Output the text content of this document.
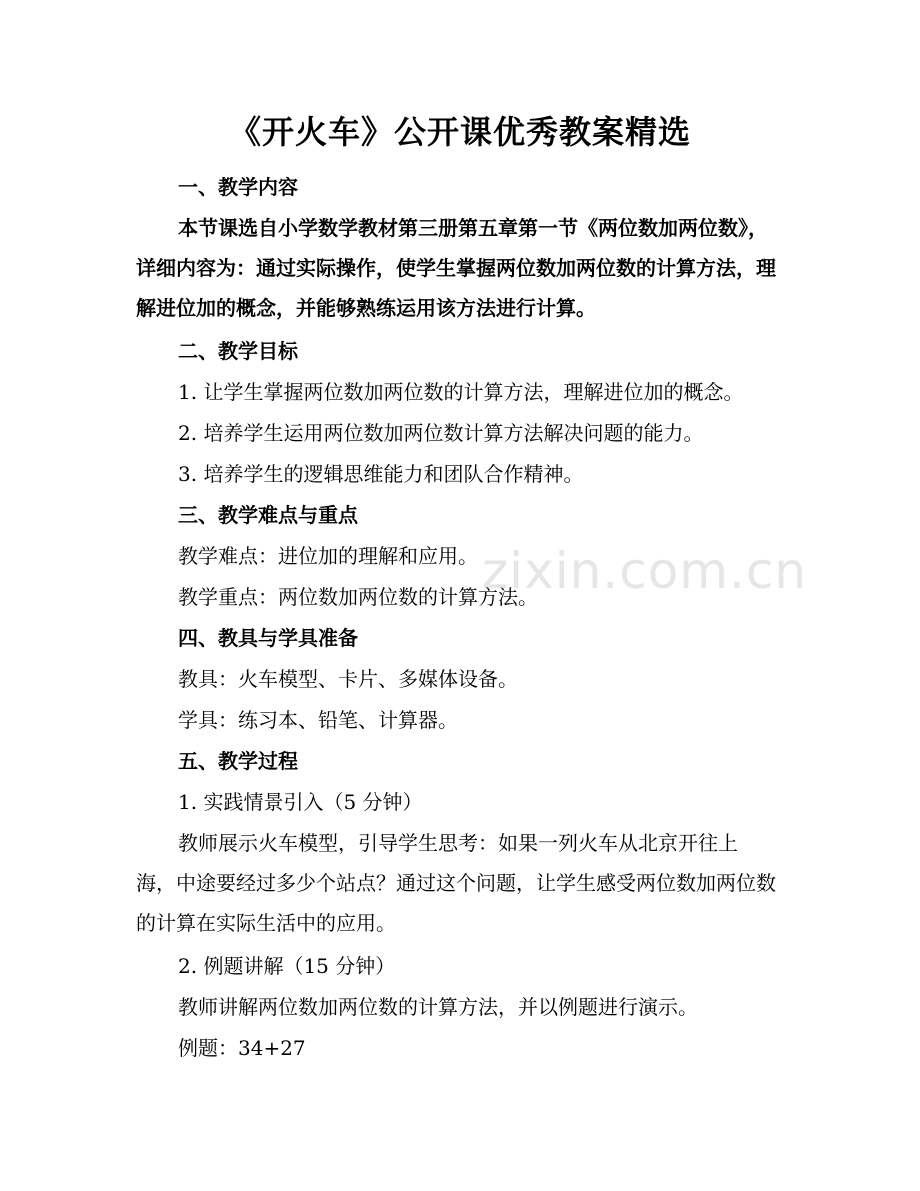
zixin.com.cn
《开火车》公开课优秀教案精选
一、教学内容
本节课选自小学数学教材第三册第五章第一节《两位数加两位数》，详细内容为：通过实际操作，使学生掌握两位数加两位数的计算方法，理解进位加的概念，并能够熟练运用该方法进行计算。
二、教学目标
1. 让学生掌握两位数加两位数的计算方法，理解进位加的概念。
2. 培养学生运用两位数加两位数计算方法解决问题的能力。
3. 培养学生的逻辑思维能力和团队合作精神。
三、教学难点与重点
教学难点：进位加的理解和应用。
教学重点：两位数加两位数的计算方法。
四、教具与学具准备
教具：火车模型、卡片、多媒体设备。
学具：练习本、铅笔、计算器。
五、教学过程
1. 实践情景引入（5 分钟）
教师展示火车模型，引导学生思考：如果一列火车从北京开往上海，中途要经过多少个站点？通过这个问题，让学生感受两位数加两位数的计算在实际生活中的应用。
2. 例题讲解（15 分钟）
教师讲解两位数加两位数的计算方法，并以例题进行演示。
例题：34+27
